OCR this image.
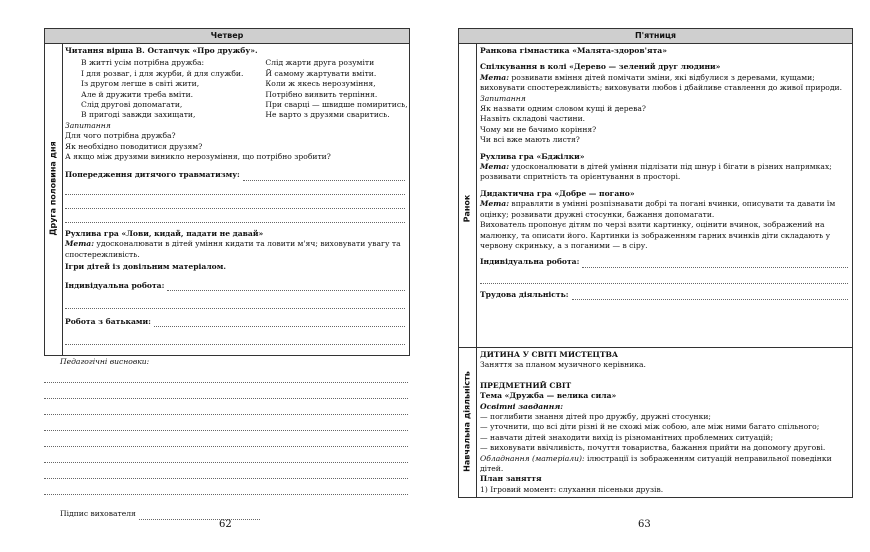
Четвер
Друга половина дня
Читання вірша В. Остапчук «Про дружбу».
В житті усім потрібна дружба:
І для розваг, і для журби, й для служби.
Із другом легше в світі жити,
Але й дружити треба вміти.
Слід другові допомагати,
В пригоді завжди захищати,
Слід жарти друга розуміти
Й самому жартувати вміти.
Коли ж якесь нерозуміння,
Потрібно виявить терпіння.
При сварці — швидше помиритись,
Не варто з друзями сваритись.
Запитання
Для чого потрібна дружба?
Як необхідно поводитися друзям?
А якщо між друзями виникло нерозуміння, що потрібно зробити?
Попередження дитячого травматизму:
Рухлива гра «Лови, кидай, падати не давай»
Мета: удосконалювати в дітей уміння кидати та ловити м'яч; виховувати увагу та спостережливість.
Ігри дітей із довільним матеріалом.
Індивідуальна робота:
Робота з батьками:
Педагогічні висновки:
Підпис вихователя
62
П'ятниця
Ранок
Навчальна діяльність
Ранкова гімнастика «Малята-здоров'ята»
Спілкування в колі «Дерево — зелений друг людини»
Мета: розвивати вміння дітей помічати зміни, які відбулися з деревами, кущами; виховувати спостережливість; виховувати любов і дбайливе ставлення до живої природи.
Запитання
Як назвати одним словом кущі й дерева?
Назвіть складові частини.
Чому ми не бачимо коріння?
Чи всі вже мають листя?
Рухлива гра «Бджілки»
Мета: удосконалювати в дітей уміння підлізати під шнур і бігати в різних напрямках; розвивати спритність та орієнтування в просторі.
Дидактична гра «Добре — погано»
Мета: вправляти в умінні розпізнавати добрі та погані вчинки, описувати та давати їм оцінку; розвивати дружні стосунки, бажання допомагати.
Вихователь пропонує дітям по черзі взяти картинку, оцінити вчинок, зображений на малюнку, та описати його. Картинки із зображенням гарних вчинків діти складають у червону скриньку, а з поганими — в сіру.
Індивідуальна робота:
Трудова діяльність:
ДИТИНА У СВІТІ МИСТЕЦТВА
Заняття за планом музичного керівника.
ПРЕДМЕТНИЙ СВІТ
Тема «Дружба — велика сила»
Освітні завдання:
— поглибити знання дітей про дружбу, дружні стосунки;
— уточнити, що всі діти різні й не схожі між собою, але між ними багато спільного;
— навчати дітей знаходити вихід із різноманітних проблемних ситуацій;
— виховувати ввічливість, почуття товариства, бажання прийти на допомогу другові.
Обладнання (матеріали): ілюстрації із зображенням ситуацій неправильної поведінки дітей.
План заняття
1) Ігровий момент: слухання пісеньки друзів.
63
